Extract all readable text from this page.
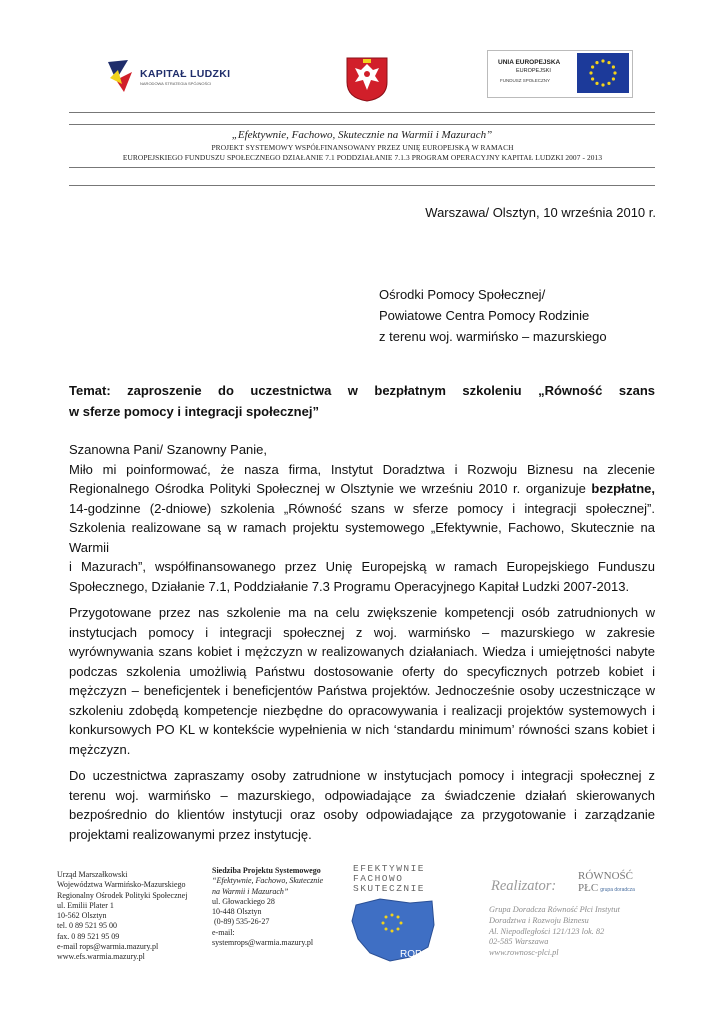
KAPITAŁ LUDZKI
NARODOWA STRATEGIA SPÓJNOŚCI
UNIA EUROPEJSKA
EUROPEJSKI
FUNDUSZ SPOŁECZNY
„Efektywnie, Fachowo, Skutecznie na Warmii i Mazurach”
PROJEKT SYSTEMOWY WSPÓŁFINANSOWANY PRZEZ UNIĘ EUROPEJSKĄ W RAMACH
EUROPEJSKIEGO FUNDUSZU SPOŁECZNEGO DZIAŁANIE 7.1 PODDZIAŁANIE 7.1.3 PROGRAM OPERACYJNY KAPITAŁ LUDZKI 2007 - 2013
Warszawa/ Olsztyn, 10 września 2010 r.
Ośrodki Pomocy Społecznej/
Powiatowe Centra Pomocy Rodzinie
z terenu woj. warmińsko – mazurskiego
Temat: zaproszenie do uczestnictwa w bezpłatnym szkoleniu „Równość szans
w sferze pomocy i integracji społecznej”

Szanowna Pani/ Szanowny Panie,

Miło mi poinformować, że nasza firma, Instytut Doradztwa i Rozwoju Biznesu na zlecenie Regionalnego Ośrodka Polityki Społecznej w Olsztynie we wrześniu 2010 r. organizuje bezpłatne, 14-godzinne (2-dniowe) szkolenia „Równość szans w sferze pomocy i integracji społecznej”. Szkolenia realizowane są w ramach projektu systemowego „Efektywnie, Fachowo, Skutecznie na Warmii

i Mazurach”, współfinansowanego przez Unię Europejską w ramach Europejskiego Funduszu Społecznego, Działanie 7.1, Poddziałanie 7.3 Programu Operacyjnego Kapitał Ludzki 2007-2013.

Przygotowane przez nas szkolenie ma na celu zwiększenie kompetencji osób zatrudnionych w instytucjach pomocy i integracji społecznej z woj. warmińsko – mazurskiego w zakresie wyrównywania szans kobiet i mężczyzn w realizowanych działaniach. Wiedza i umiejętności nabyte podczas szkolenia umożliwią Państwu dostosowanie oferty do specyficznych potrzeb kobiet i mężczyzn – beneficjentek i beneficjentów Państwa projektów. Jednocześnie osoby uczestniczące w szkoleniu zdobędą kompetencje niezbędne do opracowywania i realizacji projektów systemowych i konkursowych PO KL w kontekście wypełnienia w nich ‘standardu minimum’ równości szans kobiet i mężczyzn.

Do uczestnictwa zapraszamy osoby zatrudnione w instytucjach pomocy i integracji społecznej z terenu woj. warmińsko – mazurskiego, odpowiadające za świadczenie działań skierowanych bezpośrednio do klientów instytucji oraz osoby odpowiadające za przygotowanie i zarządzanie projektami realizowanymi przez instytucję.

Urząd Marszałkowski
Województwa Warmińsko-Mazurskiego
Regionalny Ośrodek Polityki Społecznej
ul. Emilii Plater 1
10-562 Olsztyn
tel. 0 89 521 95 00
fax. 0 89 521 95 09
e-mail rops@warmia.mazury.pl
www.efs.warmia.mazury.pl
Siedziba Projektu Systemowego
“Efektywnie, Fachowo, Skutecznie
na Warmii i Mazurach”
ul. Głowackiego 28
10-448 Olsztyn
(0-89) 535-26-27
e-mail:
systemrops@warmia.mazury.pl
EFEKTYWNIE
FACHOWO
SKUTECZNIE
ROPS
Realizator:
RÓWNOŚĆ
PŁC grupa doradcza
Grupa Doradcza Równość Płci Instytut
Doradztwa i Rozwoju Biznesu
Al. Niepodległości 121/123 lok. 82
02-585 Warszawa
www.rownosc-plci.pl
